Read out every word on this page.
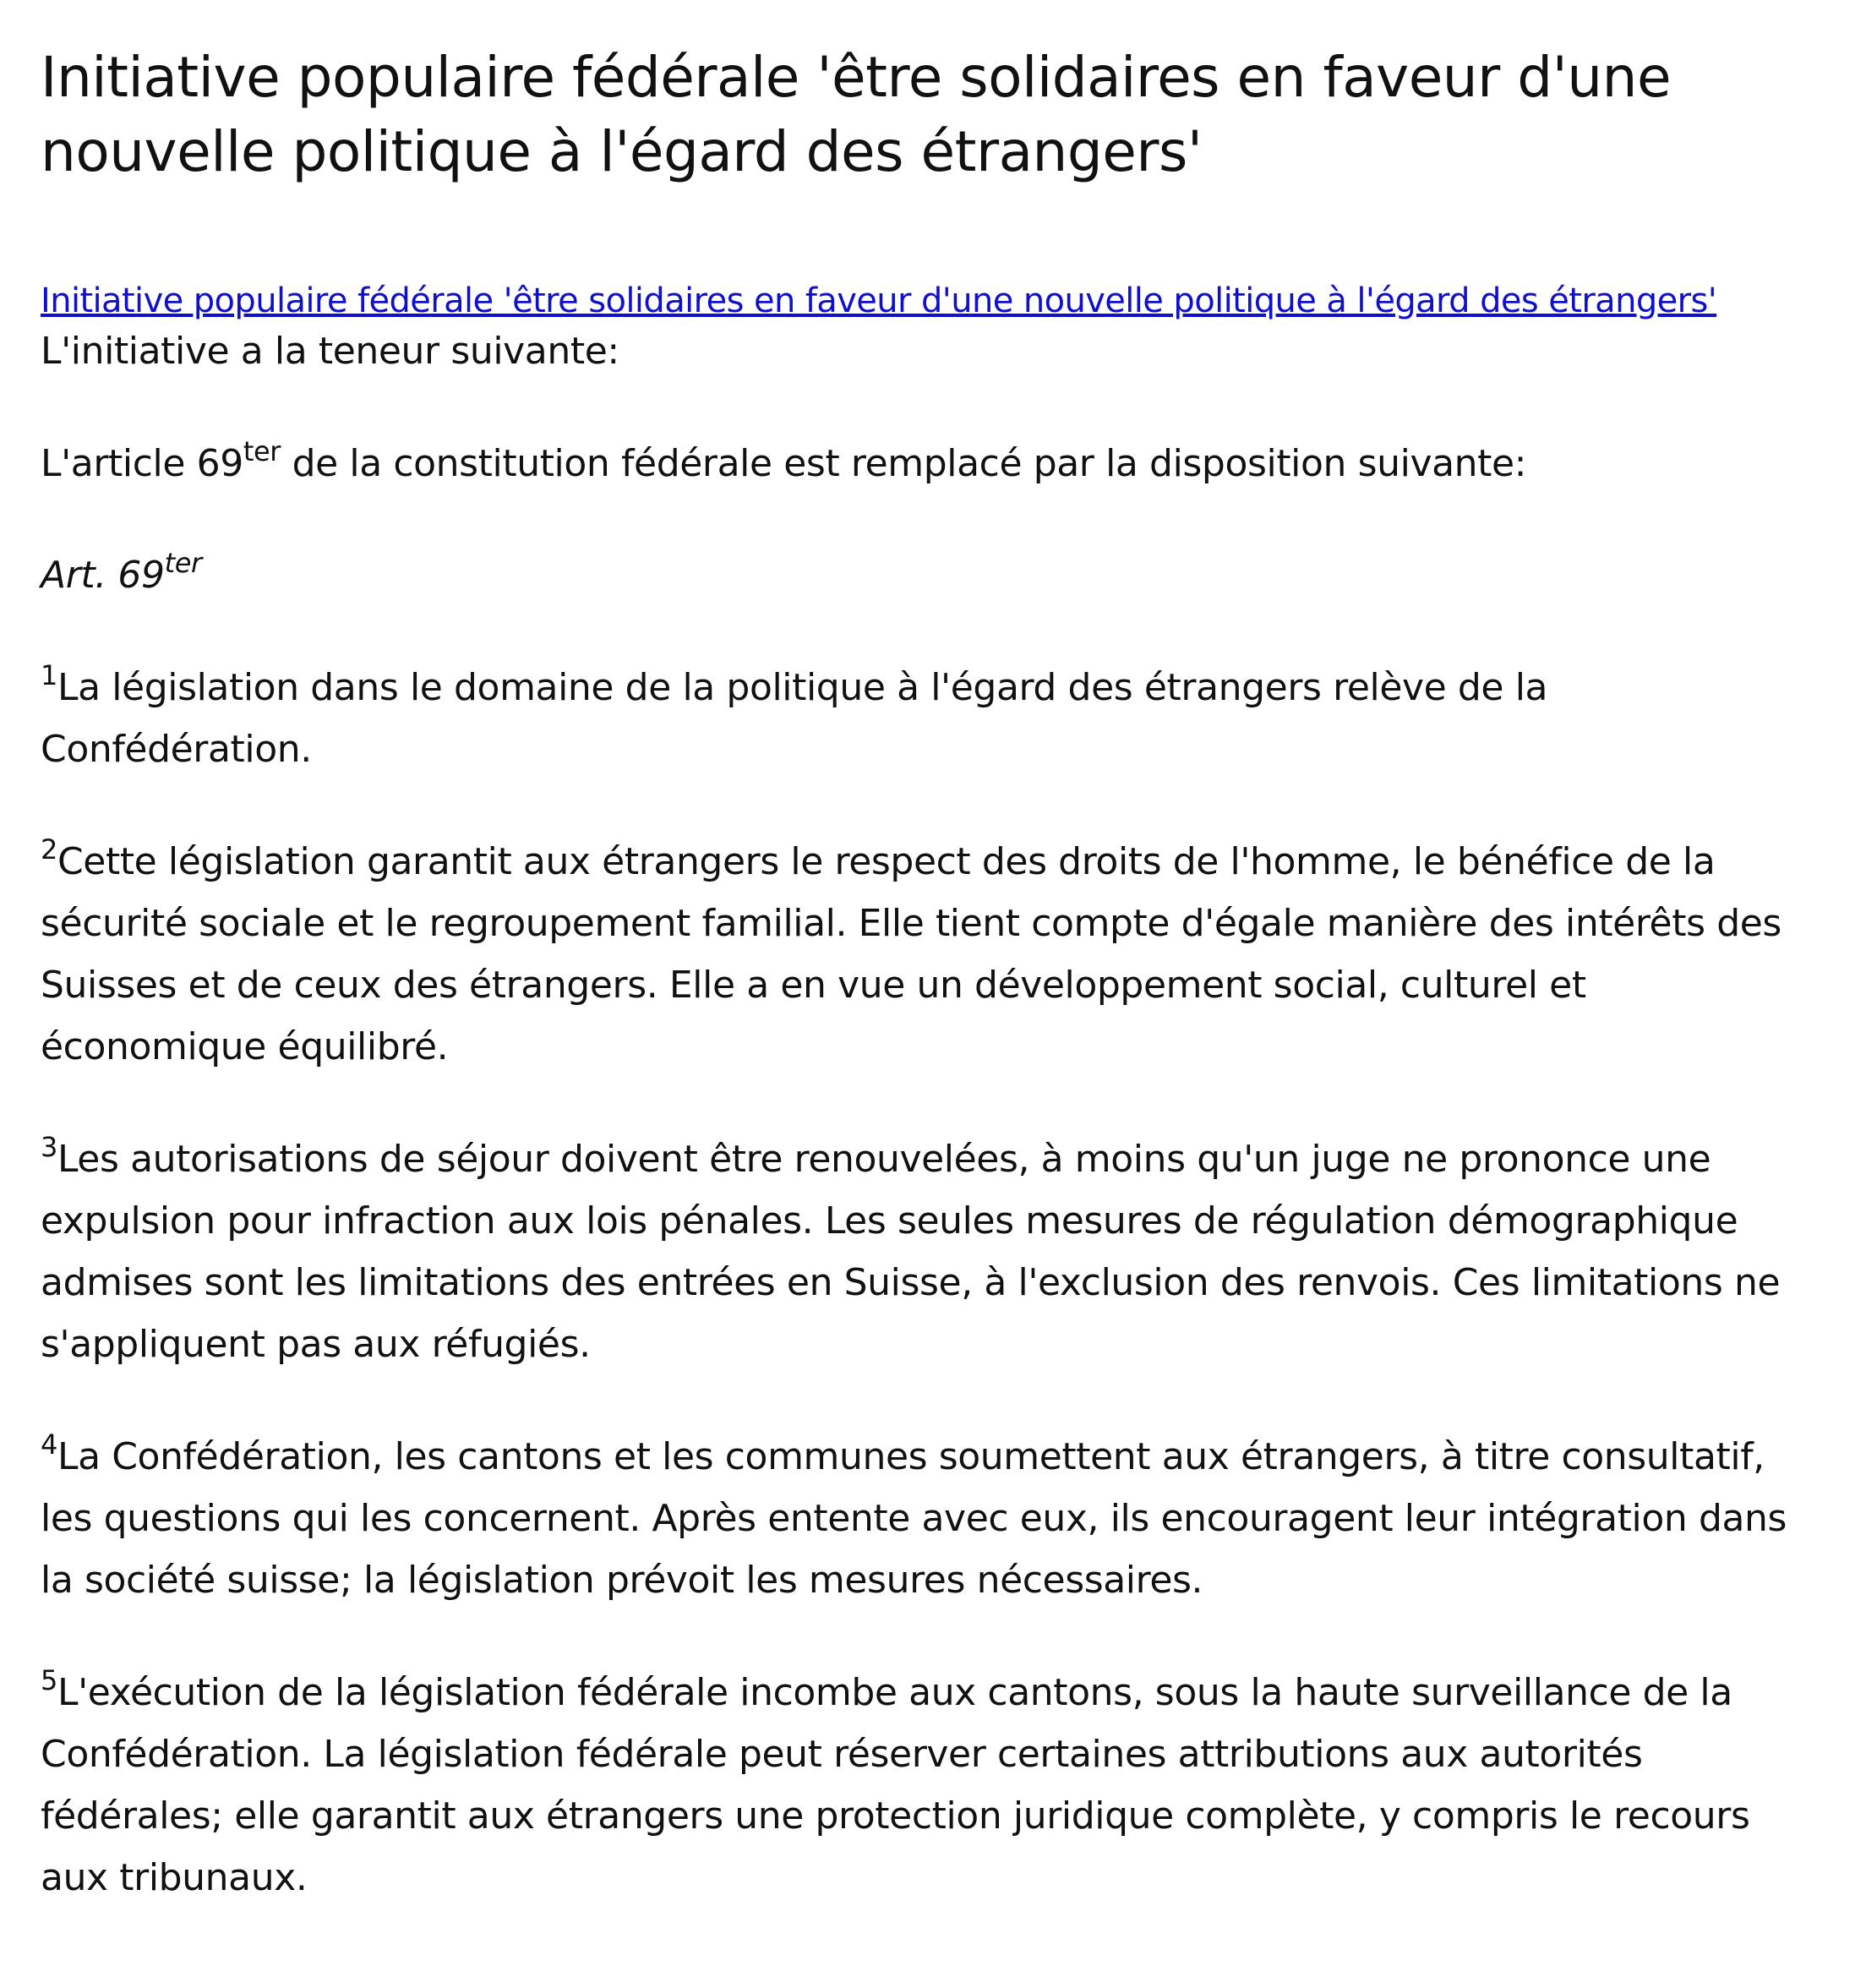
Initiative populaire fédérale 'être solidaires en faveur d'une nouvelle politique à l'égard des étrangers'
Initiative populaire fédérale 'être solidaires en faveur d'une nouvelle politique à l'égard des étrangers'

L'initiative a la teneur suivante:

L'article $69^{ter}$ de la constitution fédérale est remplacé par la disposition suivante:

Art. $69^{ter}$

$^1$La législation dans le domaine de la politique à l'égard des étrangers relève de la Confédération.

$^2$Cette législation garantit aux étrangers le respect des droits de l'homme, le bénéfice de la sécurité sociale et le regroupement familial. Elle tient compte d'égale manière des intérêts des Suisses et de ceux des étrangers. Elle a en vue un développement social, culturel et économique équilibré.

$^3$Les autorisations de séjour doivent être renouvelées, à moins qu'un juge ne prononce une expulsion pour infraction aux lois pénales. Les seules mesures de régulation démographique admises sont les limitations des entrées en Suisse, à l'exclusion des renvois. Ces limitations ne s'appliquent pas aux réfugiés.

$^4$La Confédération, les cantons et les communes soumettent aux étrangers, à titre consultatif, les questions qui les concernent. Après entente avec eux, ils encouragent leur intégration dans la société suisse; la législation prévoit les mesures nécessaires.

$^5$L'exécution de la législation fédérale incombe aux cantons, sous la haute surveillance de la Confédération. La législation fédérale peut réserver certaines attributions aux autorités fédérales; elle garantit aux étrangers une protection juridique complète, y compris le recours aux tribunaux.
